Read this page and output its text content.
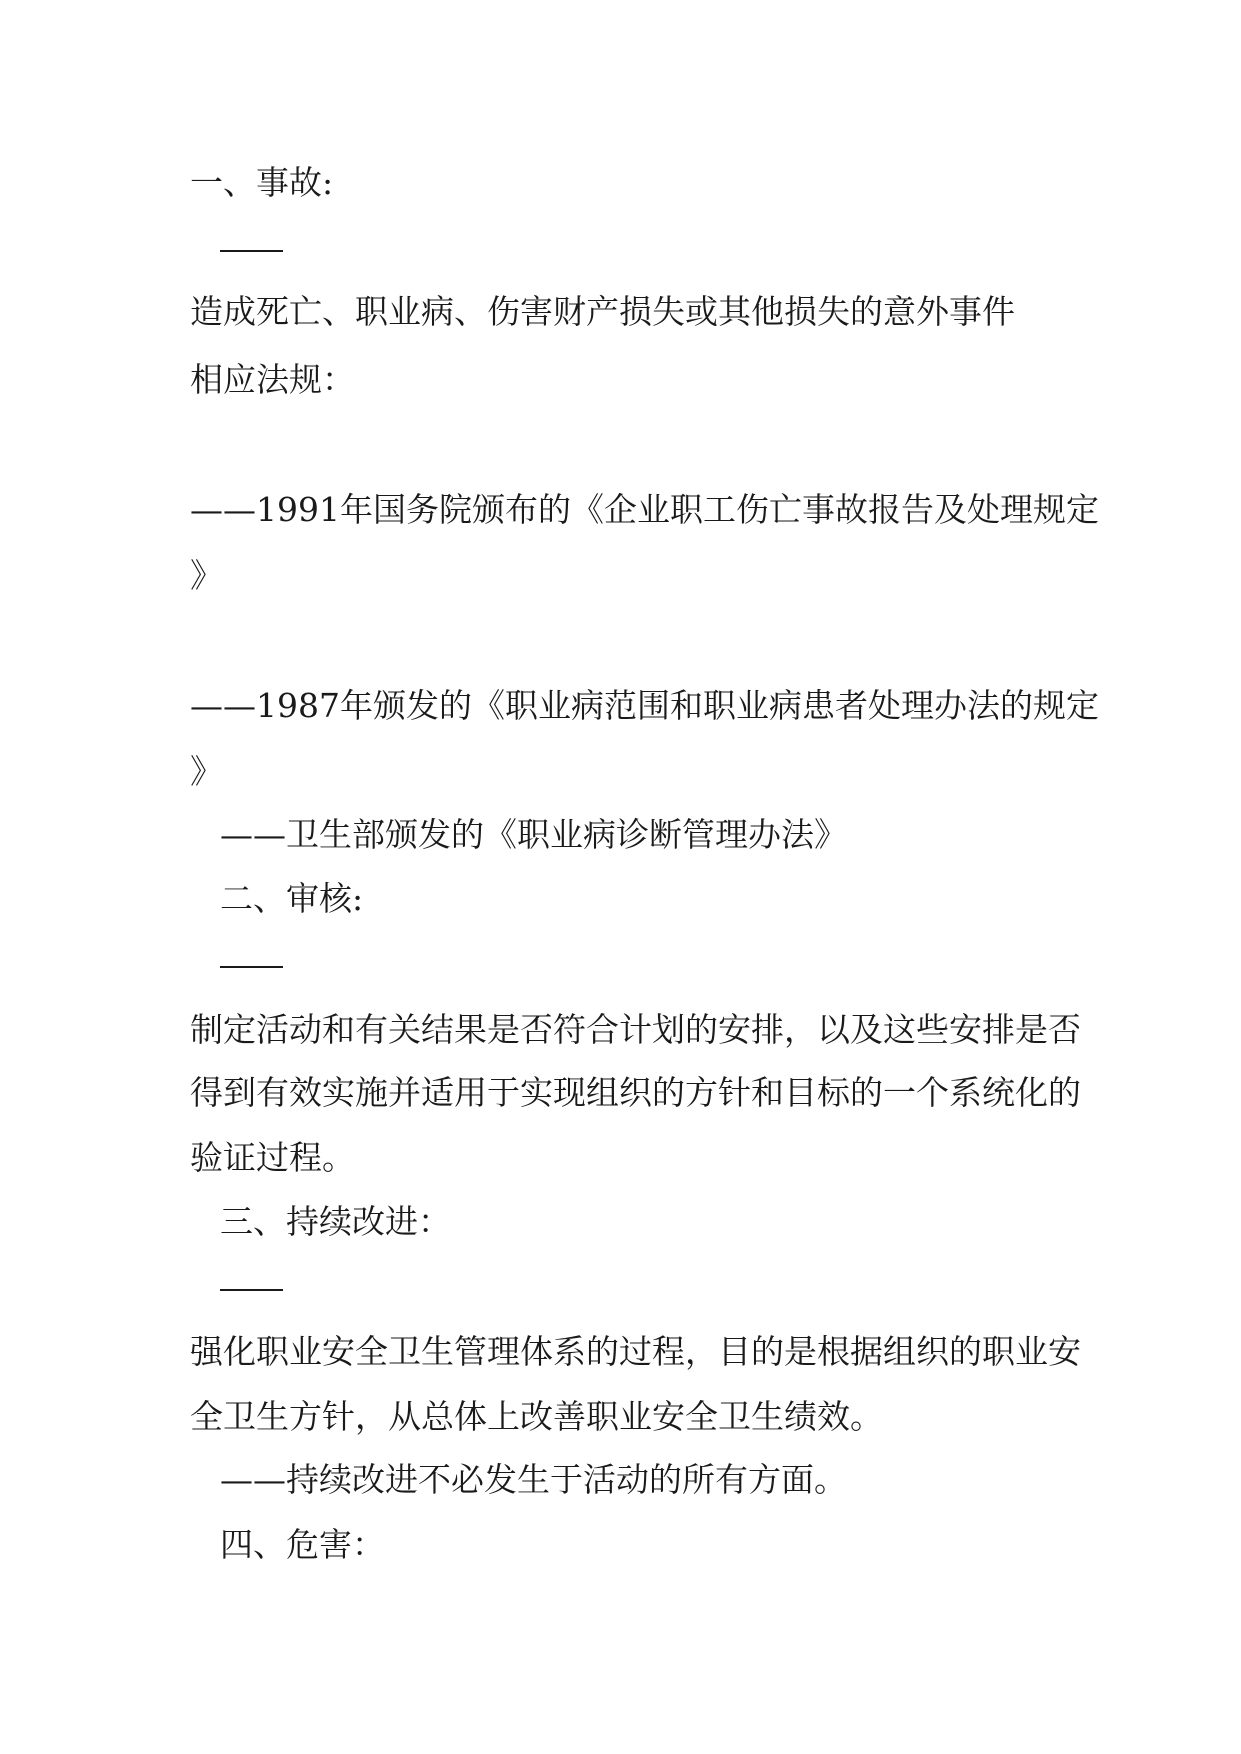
一、事故:

造成死亡、职业病、伤害财产损失或其他损失的意外事件

相应法规：

——1991年国务院颁布的《企业职工伤亡事故报告及处理规定

》

——1987年颁发的《职业病范围和职业病患者处理办法的规定

》

——卫生部颁发的《职业病诊断管理办法》

二、审核:

制定活动和有关结果是否符合计划的安排，以及这些安排是否

得到有效实施并适用于实现组织的方针和目标的一个系统化的

验证过程。

三、持续改进：

强化职业安全卫生管理体系的过程，目的是根据组织的职业安

全卫生方针，从总体上改善职业安全卫生绩效。

——持续改进不必发生于活动的所有方面。

四、危害：
